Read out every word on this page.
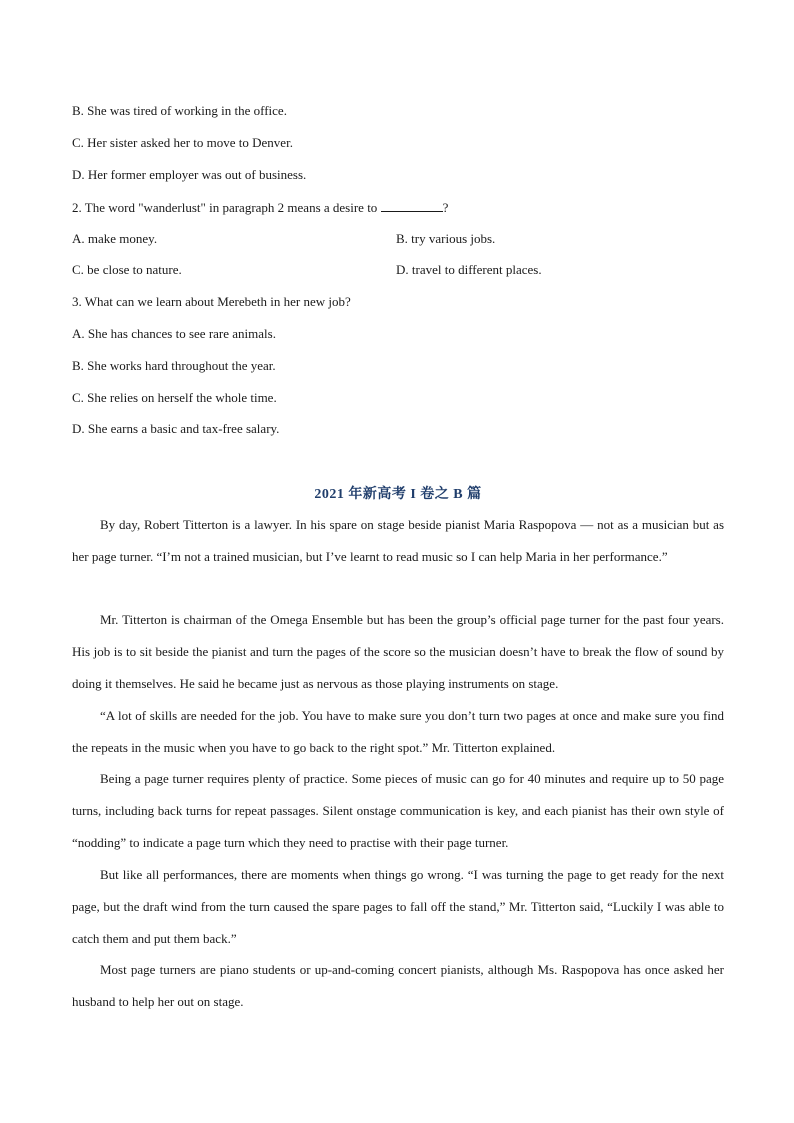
B. She was tired of working in the office.
C. Her sister asked her to move to Denver.
D. Her former employer was out of business.
2. The word "wanderlust" in paragraph 2 means a desire to	?
A. make money.	B. try various jobs.
C. be close to nature.	D. travel to different places.
3. What can we learn about Merebeth in her new job?
A. She has chances to see rare animals.
B. She works hard throughout the year.
C. She relies on herself the whole time.
D. She earns a basic and tax-free salary.
2021 年新高考 I 卷之 B 篇
By day, Robert Titterton is a lawyer. In his spare on stage beside pianist Maria Raspopova — not as a musician but as her page turner. “I’m not a trained musician, but I’ve learnt to read music so I can help Maria in her performance.”
Mr. Titterton is chairman of the Omega Ensemble but has been the group’s official page turner for the past four years. His job is to sit beside the pianist and turn the pages of the score so the musician doesn’t have to break the flow of sound by doing it themselves. He said he became just as nervous as those playing instruments on stage.
“A lot of skills are needed for the job. You have to make sure you don’t turn two pages at once and make sure you find the repeats in the music when you have to go back to the right spot.” Mr. Titterton explained.
Being a page turner requires plenty of practice. Some pieces of music can go for 40 minutes and require up to 50 page turns, including back turns for repeat passages. Silent onstage communication is key, and each pianist has their own style of “nodding” to indicate a page turn which they need to practise with their page turner.
But like all performances, there are moments when things go wrong. “I was turning the page to get ready for the next page, but the draft wind from the turn caused the spare pages to fall off the stand,” Mr. Titterton said, “Luckily I was able to catch them and put them back.”
Most page turners are piano students or up-and-coming concert pianists, although Ms. Raspopova has once asked her husband to help her out on stage.
